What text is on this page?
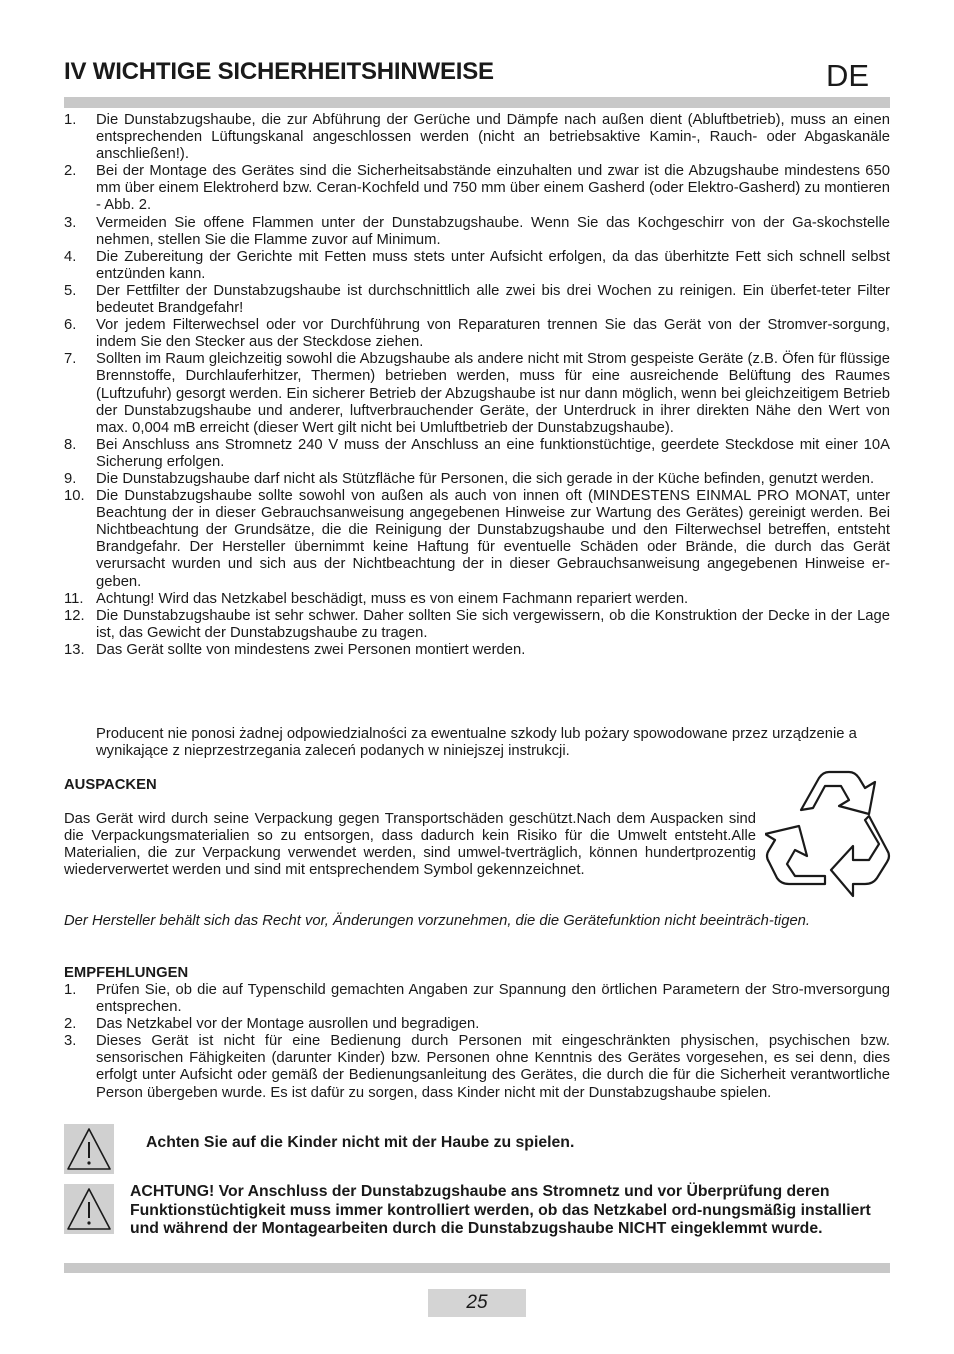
IV WICHTIGE SICHERHEITSHINWEISE	DE
1. Die Dunstabzugshaube, die zur Abführung der Gerüche und Dämpfe nach außen dient (Abluftbetrieb), muss an einen entsprechenden Lüftungskanal angeschlossen werden (nicht an betriebsaktive Kamin-, Rauch- oder Abgaskanäle anschließen!).
2. Bei der Montage des Gerätes sind die Sicherheitsabstände einzuhalten und zwar ist die Abzugshaube mindestens 650 mm über einem Elektroherd bzw. Ceran-Kochfeld und 750 mm über einem Gasherd (oder Elektro-Gasherd) zu montieren - Abb. 2.
3. Vermeiden Sie offene Flammen unter der Dunstabzugshaube. Wenn Sie das Kochgeschirr von der Ga-skochstelle nehmen, stellen Sie die Flamme zuvor auf Minimum.
4. Die Zubereitung der Gerichte mit Fetten muss stets unter Aufsicht erfolgen, da das überhitzte Fett sich schnell selbst entzünden kann.
5. Der Fettfilter der Dunstabzugshaube ist durchschnittlich alle zwei bis drei Wochen zu reinigen. Ein überfet-teter Filter bedeutet Brandgefahr!
6. Vor jedem Filterwechsel oder vor Durchführung von Reparaturen trennen Sie das Gerät von der Stromver-sorgung, indem Sie den Stecker aus der Steckdose ziehen.
7. Sollten im Raum gleichzeitig sowohl die Abzugshaube als andere nicht mit Strom gespeiste Geräte (z.B. Öfen für flüssige Brennstoffe, Durchlauferhitzer, Thermen) betrieben werden, muss für eine ausreichende Belüftung des Raumes (Luftzufuhr) gesorgt werden. Ein sicherer Betrieb der Abzugshaube ist nur dann möglich, wenn bei gleichzeitigem Betrieb der Dunstabzugshaube und anderer, luftverbrauchender Geräte, der Unterdruck in ihrer direkten Nähe den Wert von max. 0,004 mB erreicht (dieser Wert gilt nicht bei Umluftbetrieb der Dunstabzugshaube).
8. Bei Anschluss ans Stromnetz 240 V muss der Anschluss an eine funktionstüchtige, geerdete Steckdose mit einer 10A Sicherung erfolgen.
9. Die Dunstabzugshaube darf nicht als Stützfläche für Personen, die sich gerade in der Küche befinden, genutzt werden.
10. Die Dunstabzugshaube sollte sowohl von außen als auch von innen oft (MINDESTENS EINMAL PRO MONAT, unter Beachtung der in dieser Gebrauchsanweisung angegebenen Hinweise zur Wartung des Gerätes) gereinigt werden. Bei Nichtbeachtung der Grundsätze, die die Reinigung der Dunstabzugshaube und den Filterwechsel betreffen, entsteht Brandgefahr. Der Hersteller übernimmt keine Haftung für eventuelle Schäden oder Brände, die durch das Gerät verursacht wurden und sich aus der Nichtbeachtung der in dieser Gebrauchsanweisung angegebenen Hinweise er-geben.
11. Achtung! Wird das Netzkabel beschädigt, muss es von einem Fachmann repariert werden.
12. Die Dunstabzugshaube ist sehr schwer. Daher sollten Sie sich vergewissern, ob die Konstruktion der Decke in der Lage ist, das Gewicht der Dunstabzugshaube zu tragen.
13. Das Gerät sollte von mindestens zwei Personen montiert werden.

Producent nie ponosi żadnej odpowiedzialności za ewentualne szkody lub pożary spowodowane przez urządzenie a wynikające z nieprzestrzegania zaleceń podanych w niniejszej instrukcji.

AUSPACKEN

Das Gerät wird durch seine Verpackung gegen Transportschäden geschützt.Nach dem Auspacken sind die Verpackungsmaterialien so zu entsorgen, dass dadurch kein Risiko für die Umwelt entsteht.Alle Materialien, die zur Verpackung verwendet werden, sind umwel-tverträglich, können hundertprozentig wiederverwertet werden und sind mit entsprechendem Symbol gekennzeichnet.

Der Hersteller behält sich das Recht vor, Änderungen vorzunehmen, die die Gerätefunktion nicht beeinträch-tigen.

EMPFEHLUNGEN

1. Prüfen Sie, ob die auf Typenschild gemachten Angaben zur Spannung den örtlichen Parametern der Stro-mversorgung entsprechen.
2. Das Netzkabel vor der Montage ausrollen und begradigen.
3. Dieses Gerät ist nicht für eine Bedienung durch Personen mit eingeschränkten physischen, psychischen bzw. sensorischen Fähigkeiten (darunter Kinder) bzw. Personen ohne Kenntnis des Gerätes vorgesehen, es sei denn, dies erfolgt unter Aufsicht oder gemäß der Bedienungsanleitung des Gerätes, die durch die für die Sicherheit verantwortliche Person übergeben wurde. Es ist dafür zu sorgen, dass Kinder nicht mit der Dunstabzugshaube spielen.

Achten Sie auf die Kinder nicht mit der Haube zu spielen.

ACHTUNG! Vor Anschluss der Dunstabzugshaube ans Stromnetz und vor Überprüfung deren Funktionstüchtigkeit muss immer kontrolliert werden, ob das Netzkabel ord-nungsmäßig installiert und während der Montagearbeiten durch die Dunstabzugshaube NICHT eingeklemmt wurde.

25
